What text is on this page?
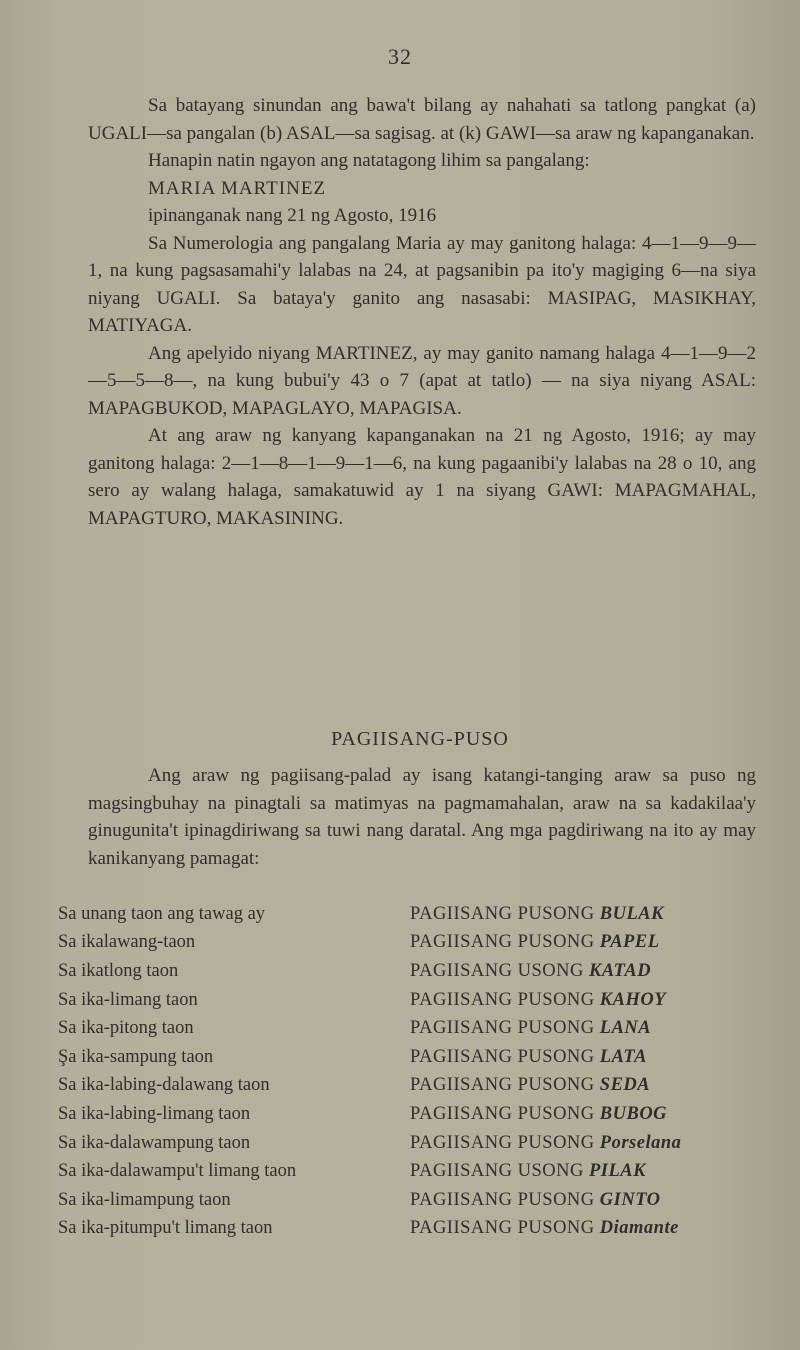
32

Sa batayang sinundan ang bawa't bilang ay nahahati sa tatlong pangkat (a) UGALI—sa pangalan (b) ASAL—sa sagisag. at (k) GAWI—sa araw ng kapanganakan.

Hanapin natin ngayon ang natatagong lihim sa pangalang:

MARIA MARTINEZ

ipinanganak nang 21 ng Agosto, 1916

Sa Numerologia ang pangalang Maria ay may ganitong halaga: 4—1—9—9—1, na kung pagsasamahi'y lalabas na 24, at pagsanibin pa ito'y magiging 6—na siya niyang UGALI. Sa bataya'y ganito ang nasasabi: MASIPAG, MASIKHAY, MATIYAGA.

Ang apelyido niyang MARTINEZ, ay may ganito namang halaga 4—1—9—2—5—5—8—, na kung bubui'y 43 o 7 (apat at tatlo) — na siya niyang ASAL: MAPAGBUKOD, MAPAGLAYO, MAPAGISA.

At ang araw ng kanyang kapanganakan na 21 ng Agosto, 1916; ay may ganitong halaga: 2—1—8—1—9—1—6, na kung pagaanibi'y lalabas na 28 o 10, ang sero ay walang halaga, samakatuwid ay 1 na siyang GAWI: MAPAGMAHAL, MAPAGTURO, MAKASINING.

PAGIISANG-PUSO

Ang araw ng pagiisang-palad ay isang katangi-tanging araw sa puso ng magsingbuhay na pinagtali sa matimyas na pagmamahalan, araw na sa kadakilaa'y ginugunita't ipinagdiriwang sa tuwi nang daratal. Ang mga pagdiriwang na ito ay may kanikanyang pamagat:

Sa unang taon ang tawag ay	PAGIISANG PUSONG BULAK
Sa ikalawang-taon	PAGIISANG PUSONG PAPEL
Sa ikatlong taon	PAGIISANG USONG KATAD
Sa ika-limang taon	PAGIISANG PUSONG KAHOY
Sa ika-pitong taon	PAGIISANG PUSONG LANA
Şa ika-sampung taon	PAGIISANG PUSONG LATA
Sa ika-labing-dalawang taon	PAGIISANG PUSONG SEDA
Sa ika-labing-limang taon	PAGIISANG PUSONG BUBOG
Sa ika-dalawampung taon	PAGIISANG PUSONG Porselana
Sa ika-dalawampu't limang taon	PAGIISANG USONG PILAK
Sa ika-limampung taon	PAGIISANG PUSONG GINTO
Sa ika-pitumpu't limang taon	PAGIISANG PUSONG Diamante
